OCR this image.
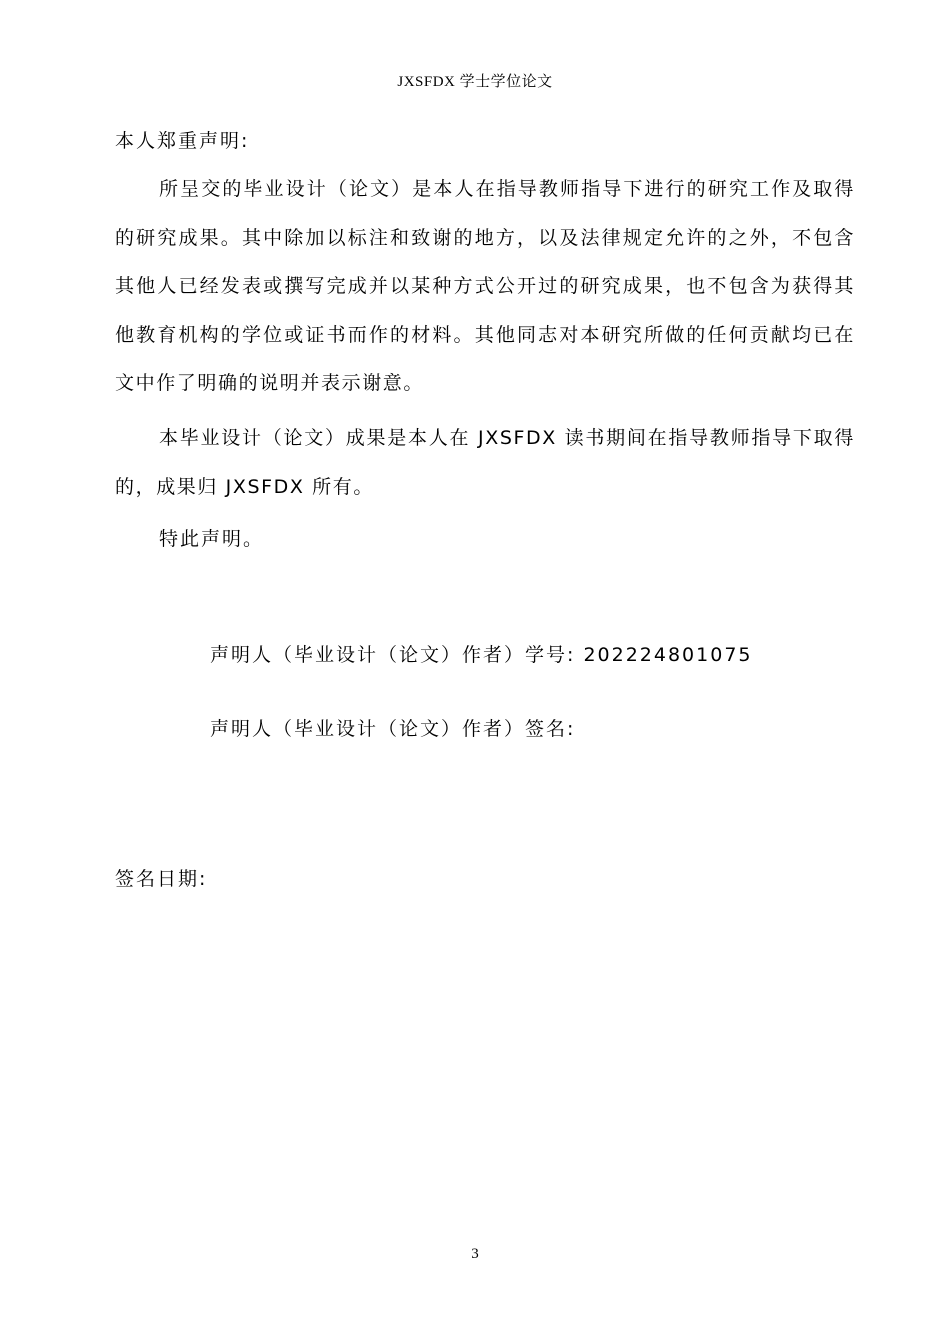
JXSFDX 学士学位论文
本人郑重声明:
所呈交的毕业设计（论文）是本人在指导教师指导下进行的研究工作及取得的研究成果。其中除加以标注和致谢的地方，以及法律规定允许的之外，不包含其他人已经发表或撰写完成并以某种方式公开过的研究成果，也不包含为获得其他教育机构的学位或证书而作的材料。其他同志对本研究所做的任何贡献均已在文中作了明确的说明并表示谢意。
本毕业设计（论文）成果是本人在 JXSFDX 读书期间在指导教师指导下取得的，成果归 JXSFDX 所有。
特此声明。
声明人（毕业设计（论文）作者）学号: 202224801075
声明人（毕业设计（论文）作者）签名:
签名日期:
3
